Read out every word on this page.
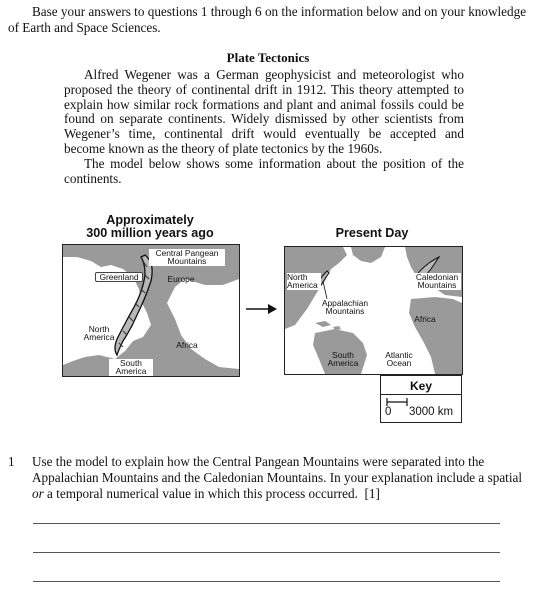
Base your answers to questions 1 through 6 on the information below and on your knowledge of Earth and Space Sciences.
Plate Tectonics
Alfred Wegener was a German geophysicist and meteorologist who proposed the theory of continental drift in 1912. This theory attempted to explain how similar rock formations and plant and animal fossils could be found on separate continents. Widely dismissed by other scientists from Wegener’s time, continental drift would eventually be accepted and become known as the theory of plate tectonics by the 1960s.
The model below shows some information about the position of the continents.
Approximately
300 million years ago
Central Pangean
Mountains
Greenland	Europe
North
America
Africa
South
America
Present Day
North
America
Appalachian
Mountains
Caledonian
Mountains
Africa
South
America
Atlantic
Ocean
Key
0 3000 km
1 Use the model to explain how the Central Pangean Mountains were separated into the Appalachian Mountains and the Caledonian Mountains. In your explanation include a spatial or a temporal numerical value in which this process occurred. [1]
